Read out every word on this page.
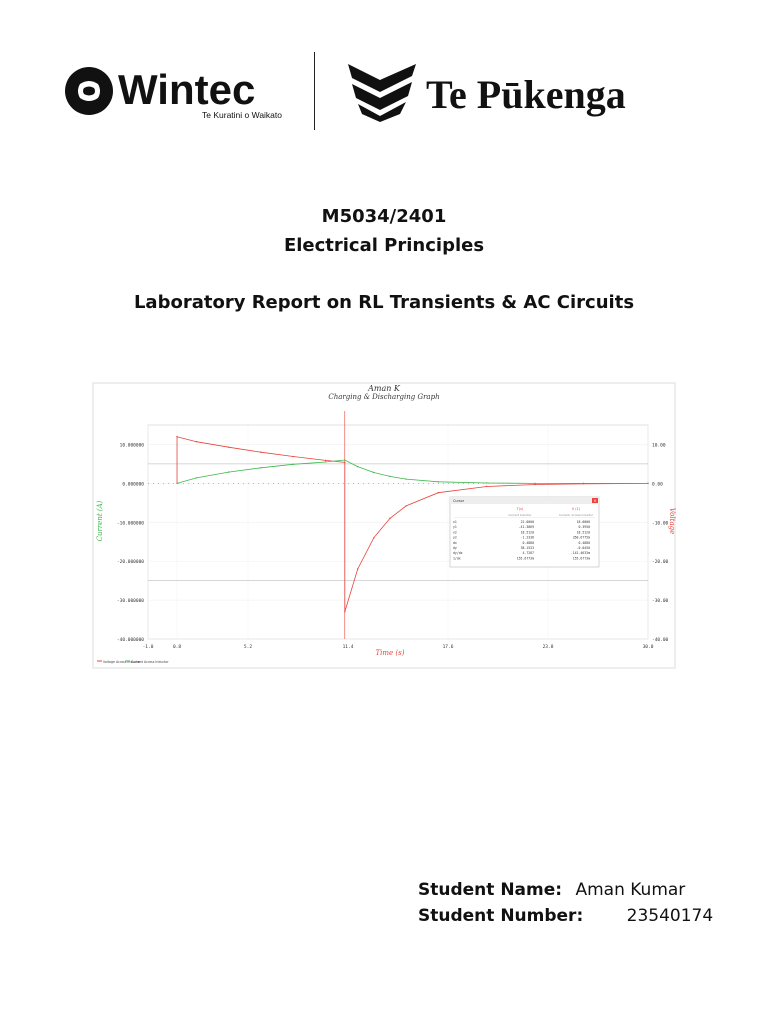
Wintec
Te Kuratini o Waikato	Te Pūkenga
M5034/2401
Electrical Principles
Laboratory Report on RL Transients & AC Circuits
Aman K
Charging & Discharging Graph
10.000000	10.00
0.000000	0.00
-10.000000	-10.00
-20.000000	-20.00
-30.000000	-30.00
-40.000000	-40.00
-1.0	0.8	5.2	11.4	17.6	23.8	30.0
Current (A)	Voltage
Time (s)
Voltage Across Inductor
Current Across Inductor
Cursor	×
T(s)
Current Inductor
V (1)
Current, Across Inductor
x1	22.0000	18.0000
y1	-41.3869	0.3950
x2	18.5120	18.5120
y2	-1.2336	350.6775m
dx	0.4880	0.4880
dy	38.1533	-0.0450
dy/dx	4.7287	-142.4633m
1/dx	155.6773m	155.6773m
Student Name: Aman Kumar
Student Number:	23540174
